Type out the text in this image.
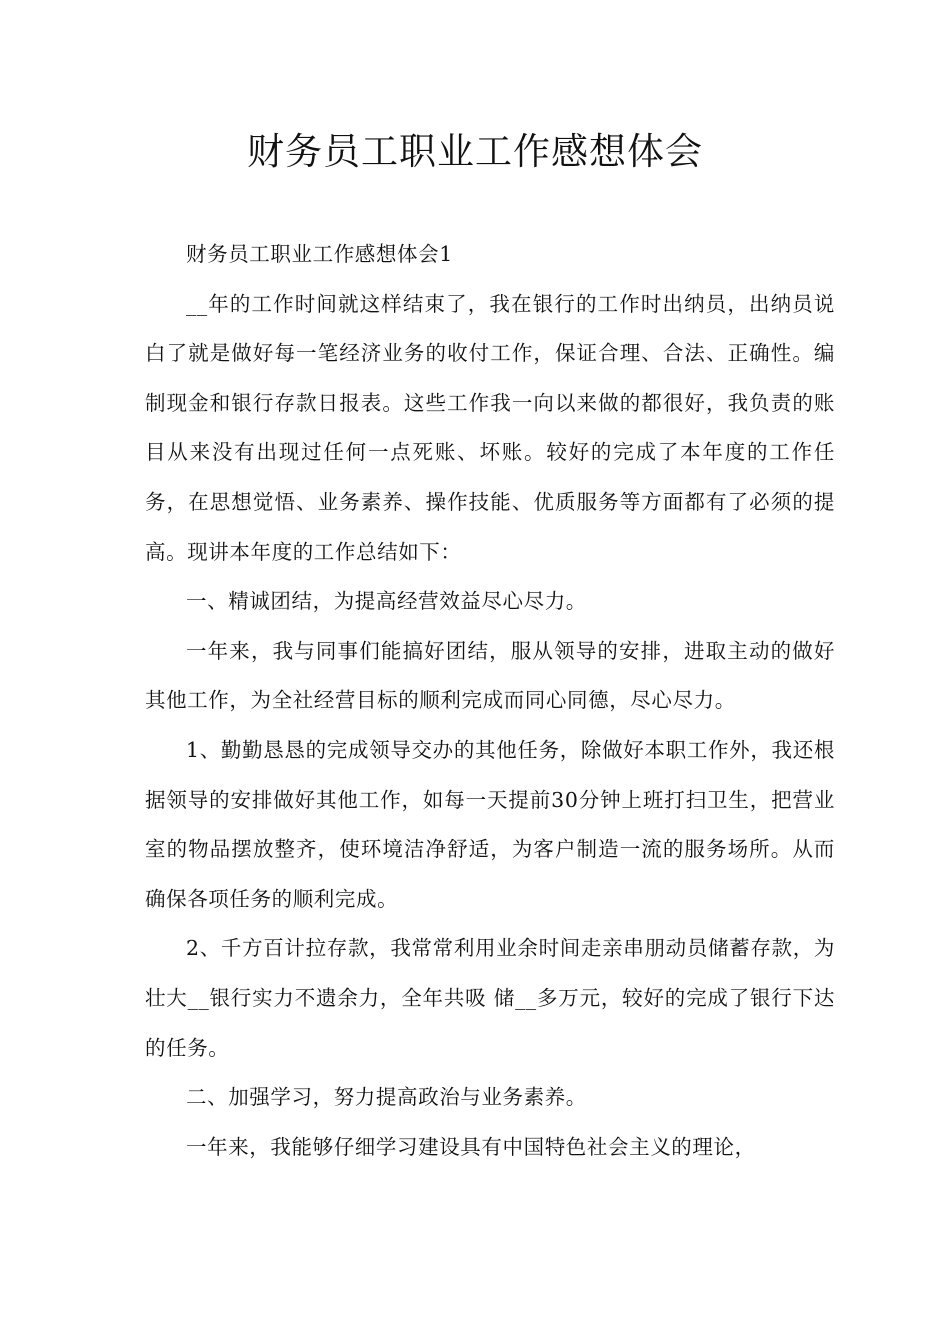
财务员工职业工作感想体会

财务员工职业工作感想体会1

__年的工作时间就这样结束了，我在银行的工作时出纳员，出纳员说白了就是做好每一笔经济业务的收付工作，保证合理、合法、正确性。编制现金和银行存款日报表。这些工作我一向以来做的都很好，我负责的账目从来没有出现过任何一点死账、坏账。较好的完成了本年度的工作任务，在思想觉悟、业务素养、操作技能、优质服务等方面都有了必须的提高。现讲本年度的工作总结如下：

一、精诚团结，为提高经营效益尽心尽力。

一年来，我与同事们能搞好团结，服从领导的安排，进取主动的做好其他工作，为全社经营目标的顺利完成而同心同德，尽心尽力。

1、勤勤恳恳的完成领导交办的其他任务，除做好本职工作外，我还根据领导的安排做好其他工作，如每一天提前30分钟上班打扫卫生，把营业室的物品摆放整齐，使环境洁净舒适，为客户制造一流的服务场所。从而确保各项任务的顺利完成。

2、千方百计拉存款，我常常利用业余时间走亲串朋动员储蓄存款，为壮大__银行实力不遗余力，全年共吸 储__多万元，较好的完成了银行下达的任务。

二、加强学习，努力提高政治与业务素养。

一年来，我能够仔细学习建设具有中国特色社会主义的理论，
